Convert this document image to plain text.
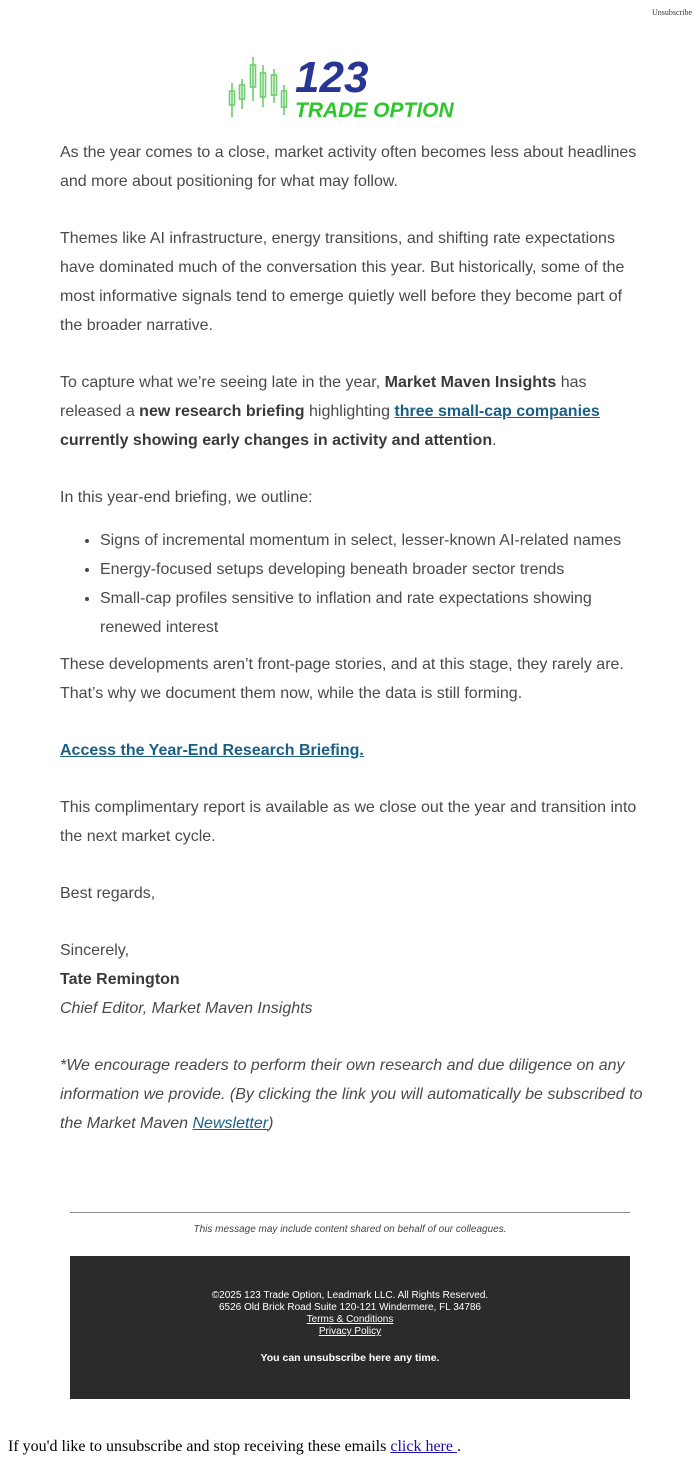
Unsubscribe
123
TRADE OPTION

As the year comes to a close, market activity often becomes less about headlines and more about positioning for what may follow.

Themes like AI infrastructure, energy transitions, and shifting rate expectations have dominated much of the conversation this year. But historically, some of the most informative signals tend to emerge quietly well before they become part of the broader narrative.

To capture what we’re seeing late in the year, Market Maven Insights has released a new research briefing highlighting three small-cap companies currently showing early changes in activity and attention.

In this year-end briefing, we outline:

• Signs of incremental momentum in select, lesser-known AI-related names
• Energy-focused setups developing beneath broader sector trends
• Small-cap profiles sensitive to inflation and rate expectations showing renewed interest

These developments aren’t front-page stories, and at this stage, they rarely are. That’s why we document them now, while the data is still forming.

Access the Year-End Research Briefing.

This complimentary report is available as we close out the year and transition into the next market cycle.

Best regards,

Sincerely,
Tate Remington
Chief Editor, Market Maven Insights

*We encourage readers to perform their own research and due diligence on any information we provide. (By clicking the link you will automatically be subscribed to the Market Maven Newsletter)

This message may include content shared on behalf of our colleagues.
©2025 123 Trade Option, Leadmark LLC. All Rights Reserved.
6526 Old Brick Road Suite 120-121 Windermere, FL 34786
Terms & Conditions
Privacy Policy
You can unsubscribe here any time.
If you'd like to unsubscribe and stop receiving these emails click here .
